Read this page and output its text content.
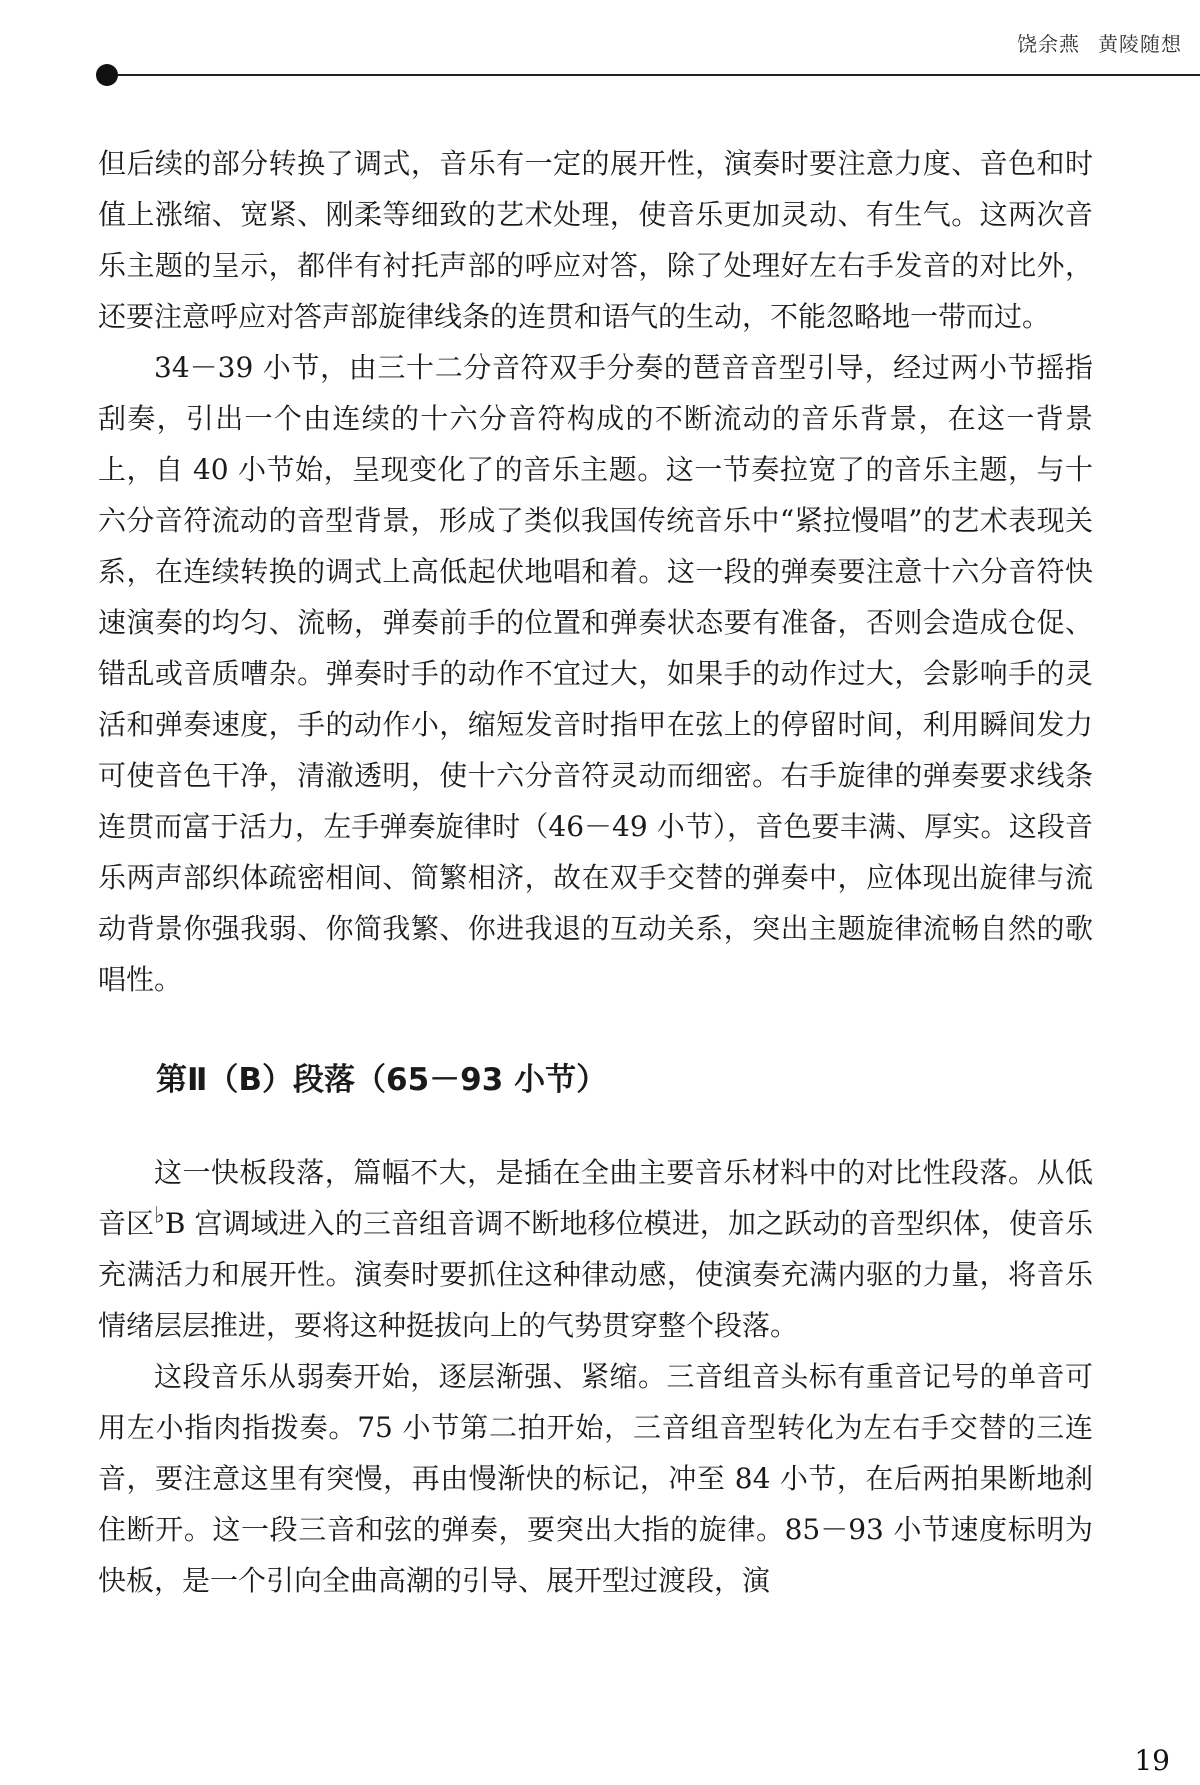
饶余燕 黄陵随想

但后续的部分转换了调式，音乐有一定的展开性，演奏时要注意力度、音色和时值上涨缩、宽紧、刚柔等细致的艺术处理，使音乐更加灵动、有生气。这两次音乐主题的呈示，都伴有衬托声部的呼应对答，除了处理好左右手发音的对比外，还要注意呼应对答声部旋律线条的连贯和语气的生动，不能忽略地一带而过。

34－39 小节，由三十二分音符双手分奏的琶音音型引导，经过两小节摇指刮奏，引出一个由连续的十六分音符构成的不断流动的音乐背景，在这一背景上，自 40 小节始，呈现变化了的音乐主题。这一节奏拉宽了的音乐主题，与十六分音符流动的音型背景，形成了类似我国传统音乐中“紧拉慢唱”的艺术表现关系，在连续转换的调式上高低起伏地唱和着。这一段的弹奏要注意十六分音符快速演奏的均匀、流畅，弹奏前手的位置和弹奏状态要有准备，否则会造成仓促、错乱或音质嘈杂。弹奏时手的动作不宜过大，如果手的动作过大，会影响手的灵活和弹奏速度，手的动作小，缩短发音时指甲在弦上的停留时间，利用瞬间发力可使音色干净，清澈透明，使十六分音符灵动而细密。右手旋律的弹奏要求线条连贯而富于活力，左手弹奏旋律时（46－49 小节），音色要丰满、厚实。这段音乐两声部织体疏密相间、简繁相济，故在双手交替的弹奏中，应体现出旋律与流动背景你强我弱、你简我繁、你进我退的互动关系，突出主题旋律流畅自然的歌唱性。

第Ⅱ（B）段落（65－93 小节）

这一快板段落，篇幅不大，是插在全曲主要音乐材料中的对比性段落。从低音区♭B 宫调域进入的三音组音调不断地移位模进，加之跃动的音型织体，使音乐充满活力和展开性。演奏时要抓住这种律动感，使演奏充满内驱的力量，将音乐情绪层层推进，要将这种挺拔向上的气势贯穿整个段落。

这段音乐从弱奏开始，逐层渐强、紧缩。三音组音头标有重音记号的单音可用左小指肉指拨奏。75 小节第二拍开始，三音组音型转化为左右手交替的三连音，要注意这里有突慢，再由慢渐快的标记，冲至 84 小节，在后两拍果断地刹住断开。这一段三音和弦的弹奏，要突出大指的旋律。85－93 小节速度标明为快板，是一个引向全曲高潮的引导、展开型过渡段，演

19
